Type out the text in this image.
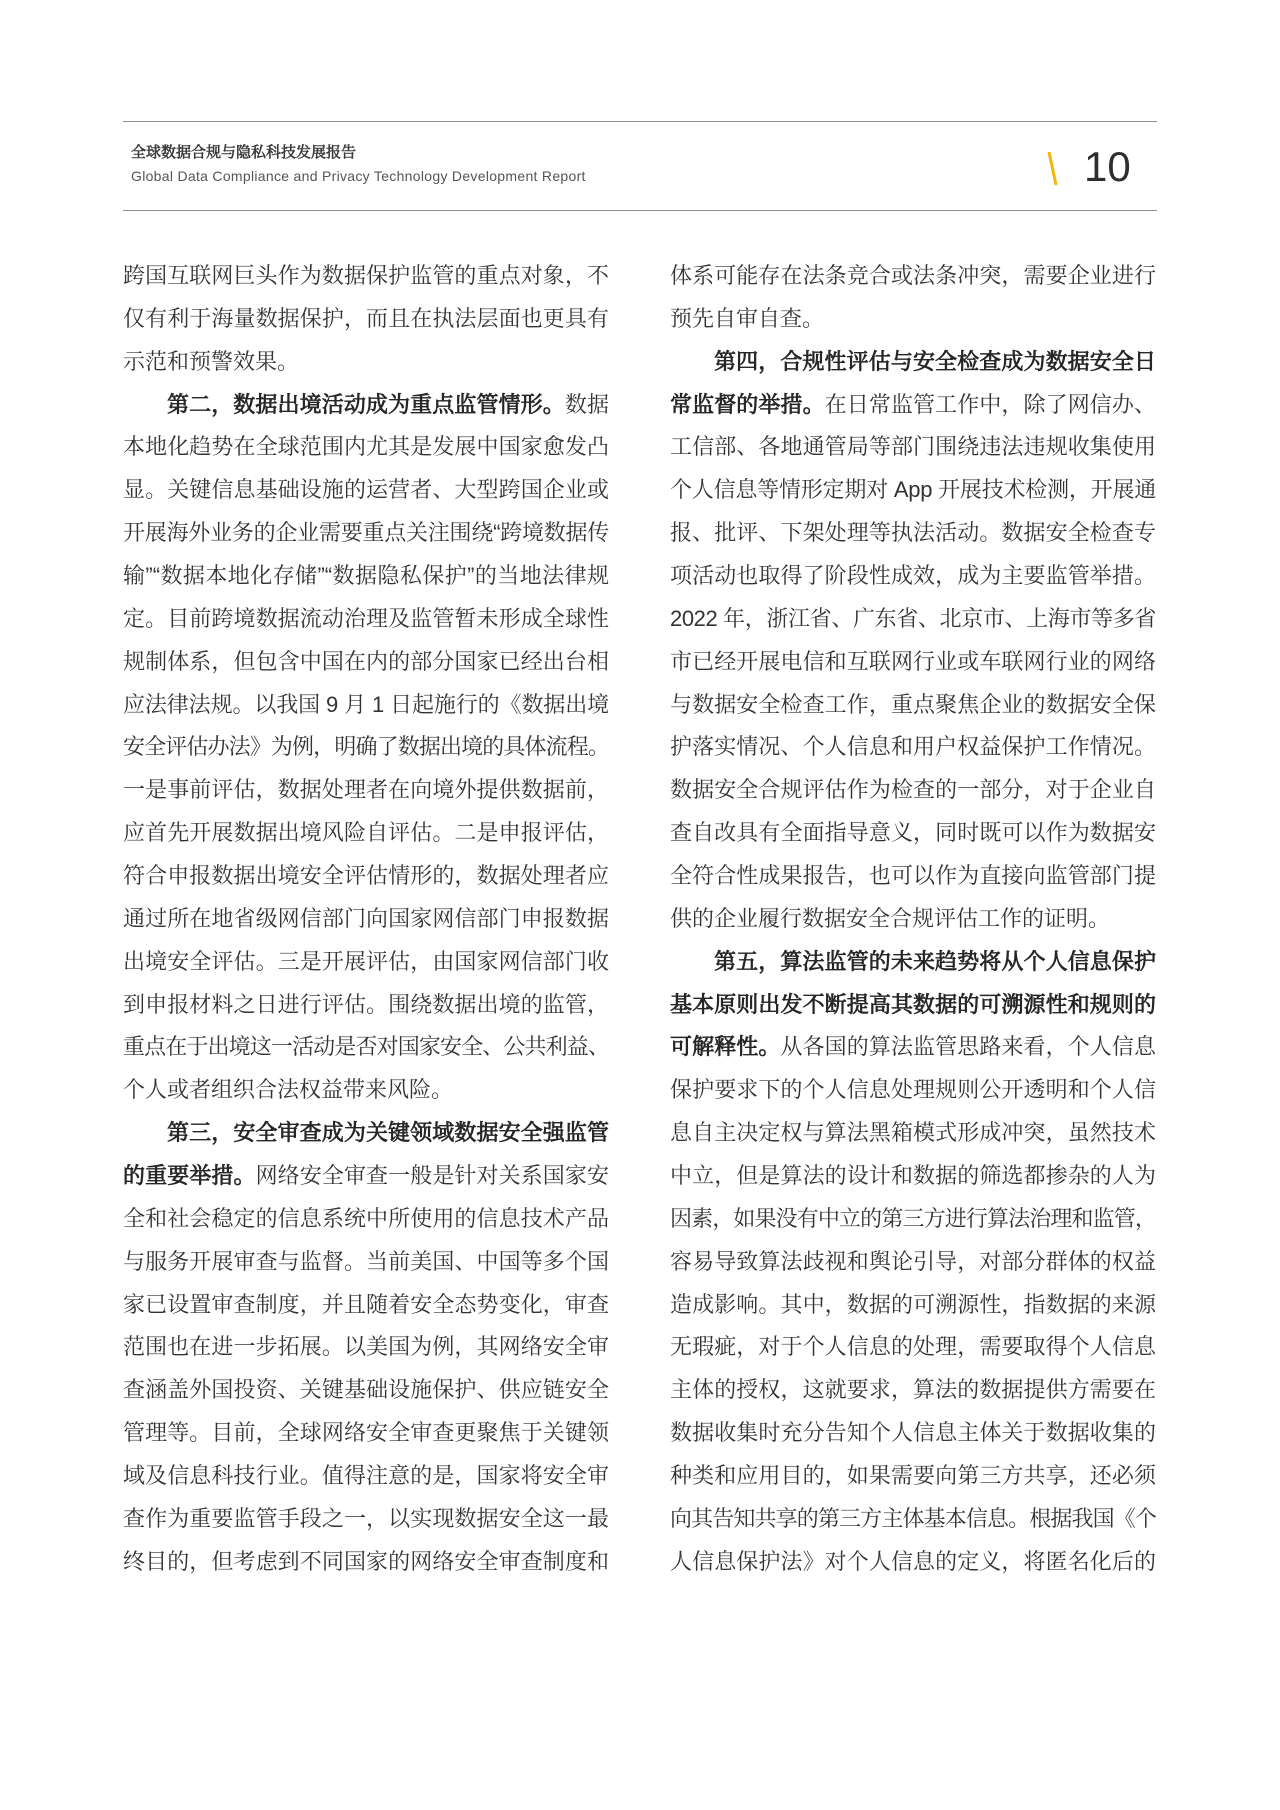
全球数据合规与隐私科技发展报告
Global Data Compliance and Privacy Technology Development Report	10
跨国互联网巨头作为数据保护监管的重点对象，不
仅有利于海量数据保护，而且在执法层面也更具有
示范和预警效果。
第二，数据出境活动成为重点监管情形。数据
本地化趋势在全球范围内尤其是发展中国家愈发凸
显。关键信息基础设施的运营者、大型跨国企业或
开展海外业务的企业需要重点关注围绕“跨境数据传
输”“数据本地化存储”“数据隐私保护”的当地法律规
定。目前跨境数据流动治理及监管暂未形成全球性
规制体系，但包含中国在内的部分国家已经出台相
应法律法规。以我国 9 月 1 日起施行的《数据出境
安全评估办法》为例，明确了数据出境的具体流程。
一是事前评估，数据处理者在向境外提供数据前，
应首先开展数据出境风险自评估。二是申报评估，
符合申报数据出境安全评估情形的，数据处理者应
通过所在地省级网信部门向国家网信部门申报数据
出境安全评估。三是开展评估，由国家网信部门收
到申报材料之日进行评估。围绕数据出境的监管，
重点在于出境这一活动是否对国家安全、公共利益、
个人或者组织合法权益带来风险。
第三，安全审查成为关键领域数据安全强监管
的重要举措。网络安全审查一般是针对关系国家安
全和社会稳定的信息系统中所使用的信息技术产品
与服务开展审查与监督。当前美国、中国等多个国
家已设置审查制度，并且随着安全态势变化，审查
范围也在进一步拓展。以美国为例，其网络安全审
查涵盖外国投资、关键基础设施保护、供应链安全
管理等。目前，全球网络安全审查更聚焦于关键领
域及信息科技行业。值得注意的是，国家将安全审
查作为重要监管手段之一，以实现数据安全这一最
终目的，但考虑到不同国家的网络安全审查制度和
体系可能存在法条竞合或法条冲突，需要企业进行
预先自审自查。
第四，合规性评估与安全检查成为数据安全日
常监督的举措。在日常监管工作中，除了网信办、
工信部、各地通管局等部门围绕违法违规收集使用
个人信息等情形定期对 App 开展技术检测，开展通
报、批评、下架处理等执法活动。数据安全检查专
项活动也取得了阶段性成效，成为主要监管举措。
2022 年，浙江省、广东省、北京市、上海市等多省
市已经开展电信和互联网行业或车联网行业的网络
与数据安全检查工作，重点聚焦企业的数据安全保
护落实情况、个人信息和用户权益保护工作情况。
数据安全合规评估作为检查的一部分，对于企业自
查自改具有全面指导意义，同时既可以作为数据安
全符合性成果报告，也可以作为直接向监管部门提
供的企业履行数据安全合规评估工作的证明。
第五，算法监管的未来趋势将从个人信息保护
基本原则出发不断提高其数据的可溯源性和规则的
可解释性。从各国的算法监管思路来看，个人信息
保护要求下的个人信息处理规则公开透明和个人信
息自主决定权与算法黑箱模式形成冲突，虽然技术
中立，但是算法的设计和数据的筛选都掺杂的人为
因素，如果没有中立的第三方进行算法治理和监管，
容易导致算法歧视和舆论引导，对部分群体的权益
造成影响。其中，数据的可溯源性，指数据的来源
无瑕疵，对于个人信息的处理，需要取得个人信息
主体的授权，这就要求，算法的数据提供方需要在
数据收集时充分告知个人信息主体关于数据收集的
种类和应用目的，如果需要向第三方共享，还必须
向其告知共享的第三方主体基本信息。根据我国《个
人信息保护法》对个人信息的定义，将匿名化后的
